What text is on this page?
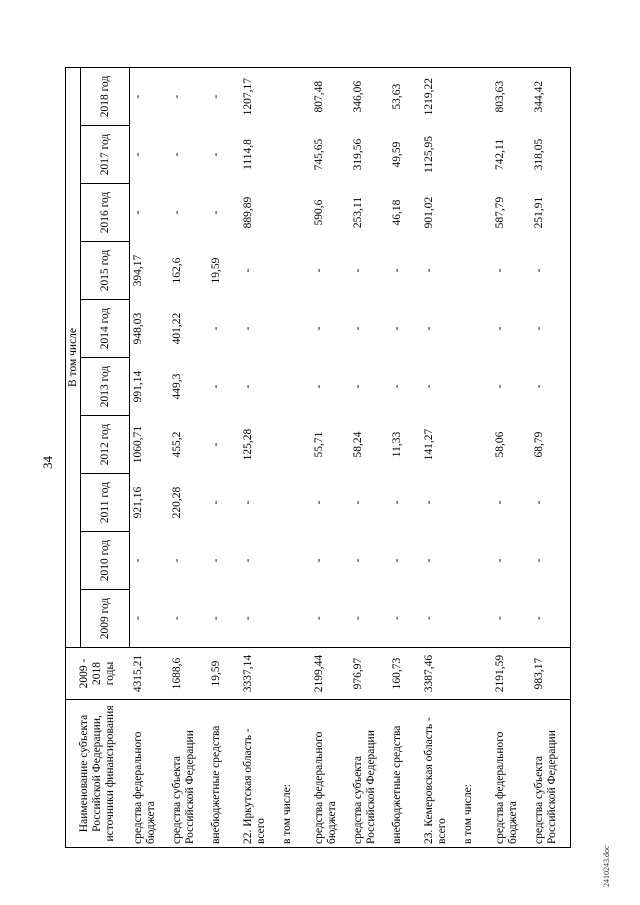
34
Наименование субъекта Российской Федерации, источники финансирования	2009 - 2018 годы	В том числе									
		2009 год	2010 год	2011 год	2012 год	2013 год	2014 год	2015 год	2016 год	2017 год	2018 год
средства федерального бюджета	4315,21	-	-	921,16	1060,71	991,14	948,03	394,17	-	-	-
средства субъекта Российской Федерации	1688,6	-	-	220,28	455,2	449,3	401,22	162,6	-	-	-
внебюджетные средства	19,59	-	-	-	-	-	-	19,59	-	-	-
22. Иркутская область - всего	3337,14	-	-	-	125,28	-	-	-	889,89	1114,8	1207,17
в том числе:											
средства федерального бюджета	2199,44	-	-	-	55,71	-	-	-	590,6	745,65	807,48
средства субъекта Российской Федерации	976,97	-	-	-	58,24	-	-	-	253,11	319,56	346,06
внебюджетные средства	160,73	-	-	-	11,33	-	-	-	46,18	49,59	53,63
23. Кемеровская область - всего	3387,46	-	-	-	141,27	-	-	-	901,02	1125,95	1219,22
в том числе:											
средства федерального бюджета	2191,59	-	-	-	58,06	-	-	-	587,79	742,11	803,63
средства субъекта Российской Федерации	983,17	-	-	-	68,79	-	-	-	251,91	318,05	344,42
2410243.doc
